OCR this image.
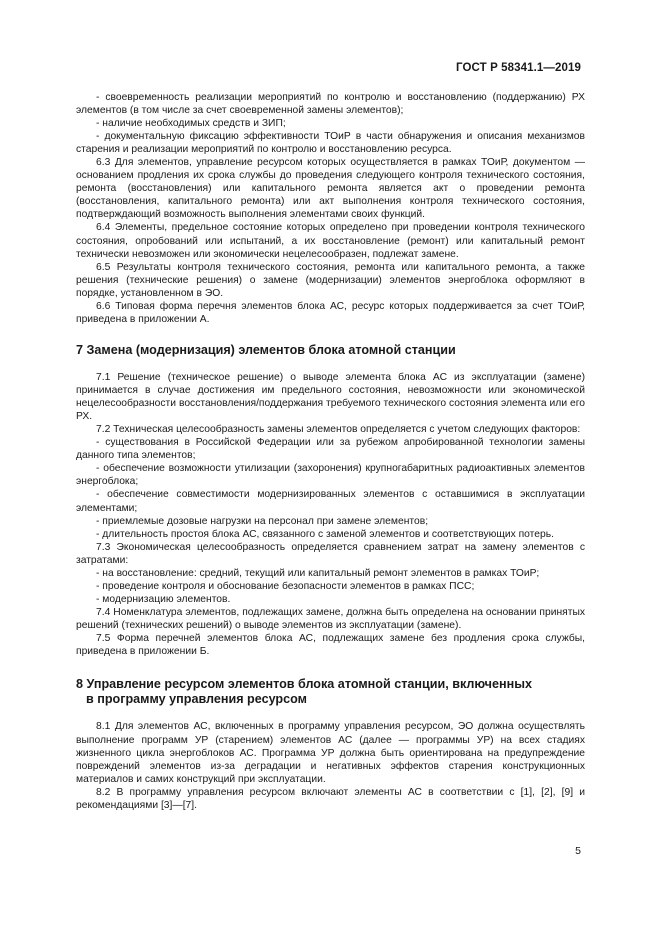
ГОСТ Р 58341.1—2019

- своевременность реализации мероприятий по контролю и восстановлению (поддержанию) РХ элементов (в том числе за счет своевременной замены элементов);

- наличие необходимых средств и ЗИП;

- документальную фиксацию эффективности ТОиР в части обнаружения и описания механизмов старения и реализации мероприятий по контролю и восстановлению ресурса.

6.3 Для элементов, управление ресурсом которых осуществляется в рамках ТОиР, документом — основанием продления их срока службы до проведения следующего контроля технического состояния, ремонта (восстановления) или капитального ремонта является акт о проведении ремонта (восстановления, капитального ремонта) или акт выполнения контроля технического состояния, подтверждающий возможность выполнения элементами своих функций.

6.4 Элементы, предельное состояние которых определено при проведении контроля технического состояния, опробований или испытаний, а их восстановление (ремонт) или капитальный ремонт технически невозможен или экономически нецелесообразен, подлежат замене.

6.5 Результаты контроля технического состояния, ремонта или капитального ремонта, а также решения (технические решения) о замене (модернизации) элементов энергоблока оформляют в порядке, установленном в ЭО.

6.6 Типовая форма перечня элементов блока АС, ресурс которых поддерживается за счет ТОиР, приведена в приложении А.

7 Замена (модернизация) элементов блока атомной станции

7.1 Решение (техническое решение) о выводе элемента блока АС из эксплуатации (замене) принимается в случае достижения им предельного состояния, невозможности или экономической нецелесообразности восстановления/поддержания требуемого технического состояния элемента или его РХ.

7.2 Техническая целесообразность замены элементов определяется с учетом следующих факторов:

- существования в Российской Федерации или за рубежом апробированной технологии замены данного типа элементов;

- обеспечение возможности утилизации (захоронения) крупногабаритных радиоактивных элементов энергоблока;

- обеспечение совместимости модернизированных элементов с оставшимися в эксплуатации элементами;

- приемлемые дозовые нагрузки на персонал при замене элементов;

- длительность простоя блока АС, связанного с заменой элементов и соответствующих потерь.

7.3 Экономическая целесообразность определяется сравнением затрат на замену элементов с затратами:

- на восстановление: средний, текущий или капитальный ремонт элементов в рамках ТОиР;

- проведение контроля и обоснование безопасности элементов в рамках ПСС;

- модернизацию элементов.

7.4 Номенклатура элементов, подлежащих замене, должна быть определена на основании принятых решений (технических решений) о выводе элементов из эксплуатации (замене).

7.5 Форма перечней элементов блока АС, подлежащих замене без продления срока службы, приведена в приложении Б.

8 Управление ресурсом элементов блока атомной станции, включенных
в программу управления ресурсом

8.1 Для элементов АС, включенных в программу управления ресурсом, ЭО должна осуществлять выполнение программ УР (старением) элементов АС (далее — программы УР) на всех стадиях жизненного цикла энергоблоков АС. Программа УР должна быть ориентирована на предупреждение повреждений элементов из-за деградации и негативных эффектов старения конструкционных материалов и самих конструкций при эксплуатации.

8.2 В программу управления ресурсом включают элементы АС в соответствии с [1], [2], [9] и рекомендациями [3]—[7].

5
